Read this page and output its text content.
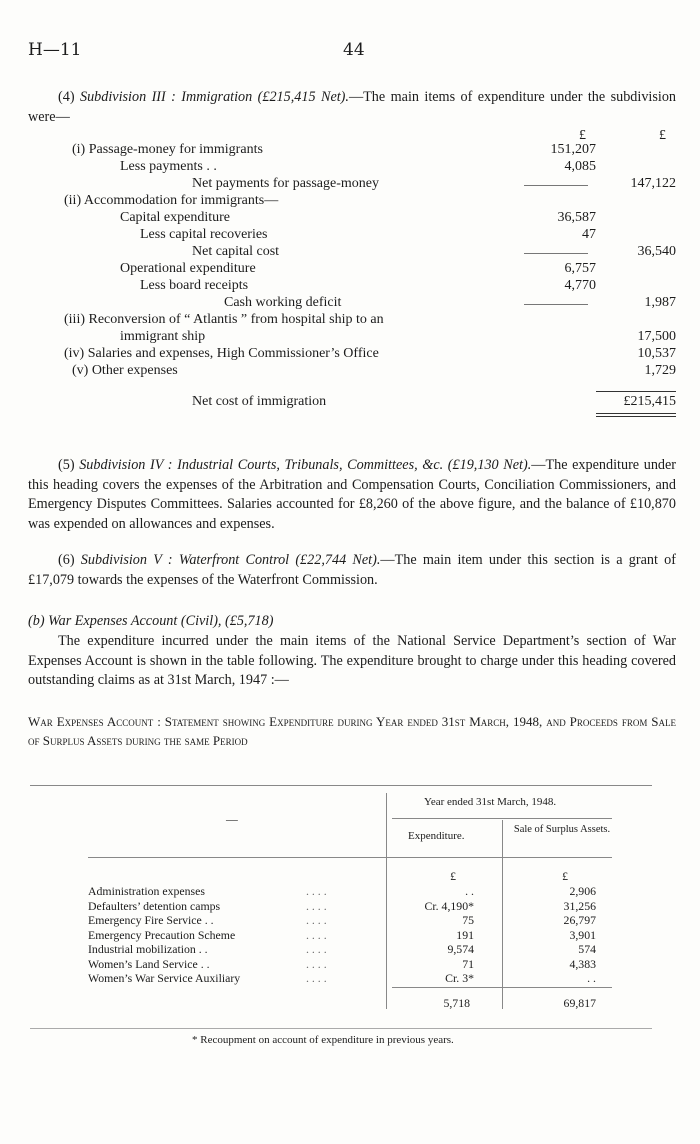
H—11	44
(4) Subdivision III : Immigration (£215,415 Net).—The main items of expenditure under the subdivision were—
£	£
(i) Passage-money for immigrants	151,207
Less payments . .	4,085
Net payments for passage-money	147,122
(ii) Accommodation for immigrants—
Capital expenditure	36,587
Less capital recoveries	47
Net capital cost	36,540
Operational expenditure	6,757
Less board receipts	4,770
Cash working deficit	1,987
(iii) Reconversion of “ Atlantis ” from hospital ship to an
immigrant ship	17,500
(iv) Salaries and expenses, High Commissioner’s Office	10,537
(v) Other expenses	1,729
Net cost of immigration	£215,415
(5) Subdivision IV : Industrial Courts, Tribunals, Committees, &c. (£19,130 Net).—The expenditure under this heading covers the expenses of the Arbitration and Compensation Courts, Conciliation Commissioners, and Emergency Disputes Committees. Salaries accounted for £8,260 of the above figure, and the balance of £10,870 was expended on allowances and expenses.
(6) Subdivision V : Waterfront Control (£22,744 Net).—The main item under this section is a grant of £17,079 towards the expenses of the Waterfront Commission.
(b) War Expenses Account (Civil), (£5,718)
The expenditure incurred under the main items of the National Service Department’s section of War Expenses Account is shown in the table following. The expenditure brought to charge under this heading covered outstanding claims as at 31st March, 1947 :—
War Expenses Account : Statement showing Expenditure during Year ended 31st March, 1948, and Proceeds from Sale of Surplus Assets during the same Period
—
Year ended 31st March, 1948.
Expenditure.
Sale of Surplus Assets.
£	£
Administration expenses	. .	2,906
. . . .
Defaulters’ detention camps	Cr. 4,190*	31,256
. . . .
Emergency Fire Service . .	75	26,797
. . . .
Emergency Precaution Scheme	191	3,901
. . . .
Industrial mobilization . .	9,574	574
. . . .
Women’s Land Service . .	71	4,383
. . . .
Women’s War Service Auxiliary	Cr. 3*	. .
. . . .
5,718	69,817
* Recoupment on account of expenditure in previous years.
